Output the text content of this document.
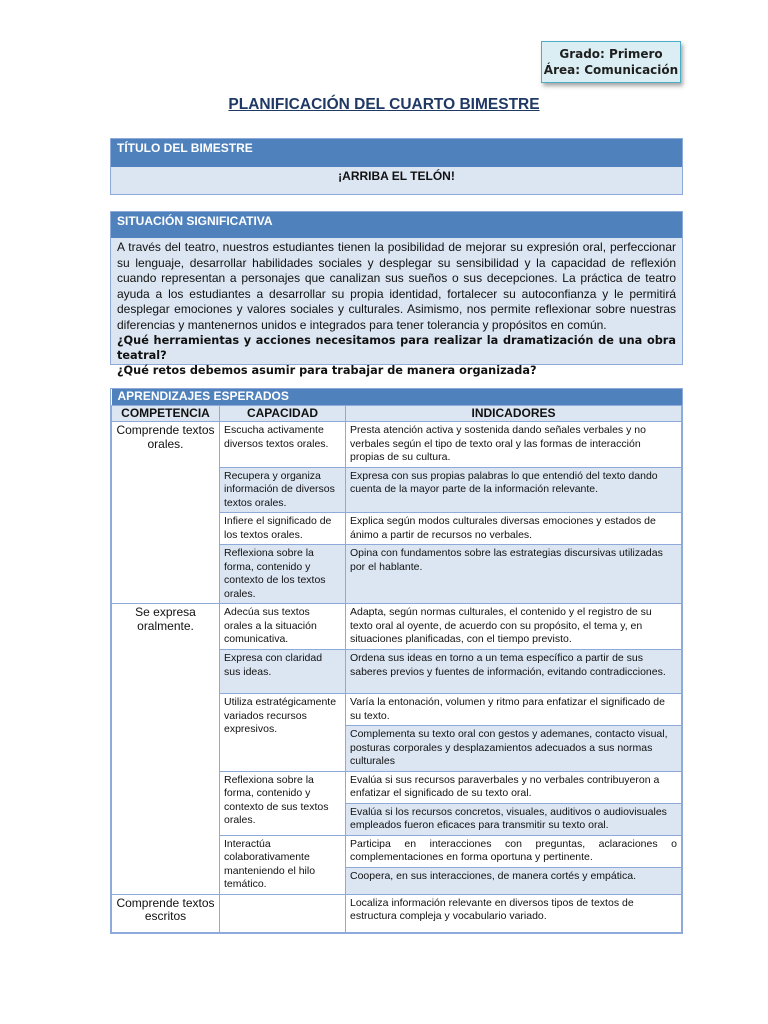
Grado: Primero
Área: Comunicación
PLANIFICACIÓN DEL CUARTO BIMESTRE
TÍTULO DEL BIMESTRE
¡ARRIBA EL TELÓN!
SITUACIÓN SIGNIFICATIVA
A través del teatro, nuestros estudiantes tienen la posibilidad de mejorar su expresión oral, perfeccionar su lenguaje, desarrollar habilidades sociales y desplegar su sensibilidad y la capacidad de reflexión cuando representan a personajes que canalizan sus sueños o sus decepciones. La práctica de teatro ayuda a los estudiantes a desarrollar su propia identidad, fortalecer su autoconfianza y le permitirá desplegar emociones y valores sociales y culturales. Asimismo, nos permite reflexionar sobre nuestras diferencias y mantenernos unidos e integrados para tener tolerancia y propósitos en común.
¿Qué herramientas y acciones necesitamos para realizar la dramatización de una obra teatral?
¿Qué retos debemos asumir para trabajar de manera organizada?
APRENDIZAJES ESPERADOS		
COMPETENCIA	CAPACIDAD	INDICADORES
Comprende textos orales.	Escucha activamente diversos textos orales.	Presta atención activa y sostenida dando señales verbales y no verbales según el tipo de texto oral y las formas de interacción propias de su cultura.
	Recupera y organiza información de diversos textos orales.	Expresa con sus propias palabras lo que entendió del texto dando cuenta de la mayor parte de la información relevante.
	Infiere el significado de los textos orales.	Explica según modos culturales diversas emociones y estados de ánimo a partir de recursos no verbales.
	Reflexiona sobre la forma, contenido y contexto de los textos orales.	Opina con fundamentos sobre las estrategias discursivas utilizadas por el hablante.
Se expresa oralmente.	Adecúa sus textos orales a la situación comunicativa.	Adapta, según normas culturales, el contenido y el registro de su texto oral al oyente, de acuerdo con su propósito, el tema y, en situaciones planificadas, con el tiempo previsto.
	Expresa con claridad sus ideas.	Ordena sus ideas en torno a un tema específico a partir de sus saberes previos y fuentes de información, evitando contradicciones.
	Utiliza estratégicamente variados recursos expresivos.	Varía la entonación, volumen y ritmo para enfatizar el significado de su texto.
		Complementa su texto oral con gestos y ademanes, contacto visual, posturas corporales y desplazamientos adecuados a sus normas culturales
	Reflexiona sobre la forma, contenido y contexto de sus textos orales.	Evalúa si sus recursos paraverbales y no verbales contribuyeron a enfatizar el significado de su texto oral.
		Evalúa si los recursos concretos, visuales, auditivos o audiovisuales empleados fueron eficaces para transmitir su texto oral.
	Interactúa colaborativamente manteniendo el hilo temático.	Participa en interacciones con preguntas, aclaraciones o complementaciones en forma oportuna y pertinente.
		Coopera, en sus interacciones, de manera cortés y empática.
Comprende textos escritos		Localiza información relevante en diversos tipos de textos de estructura compleja y vocabulario variado.
